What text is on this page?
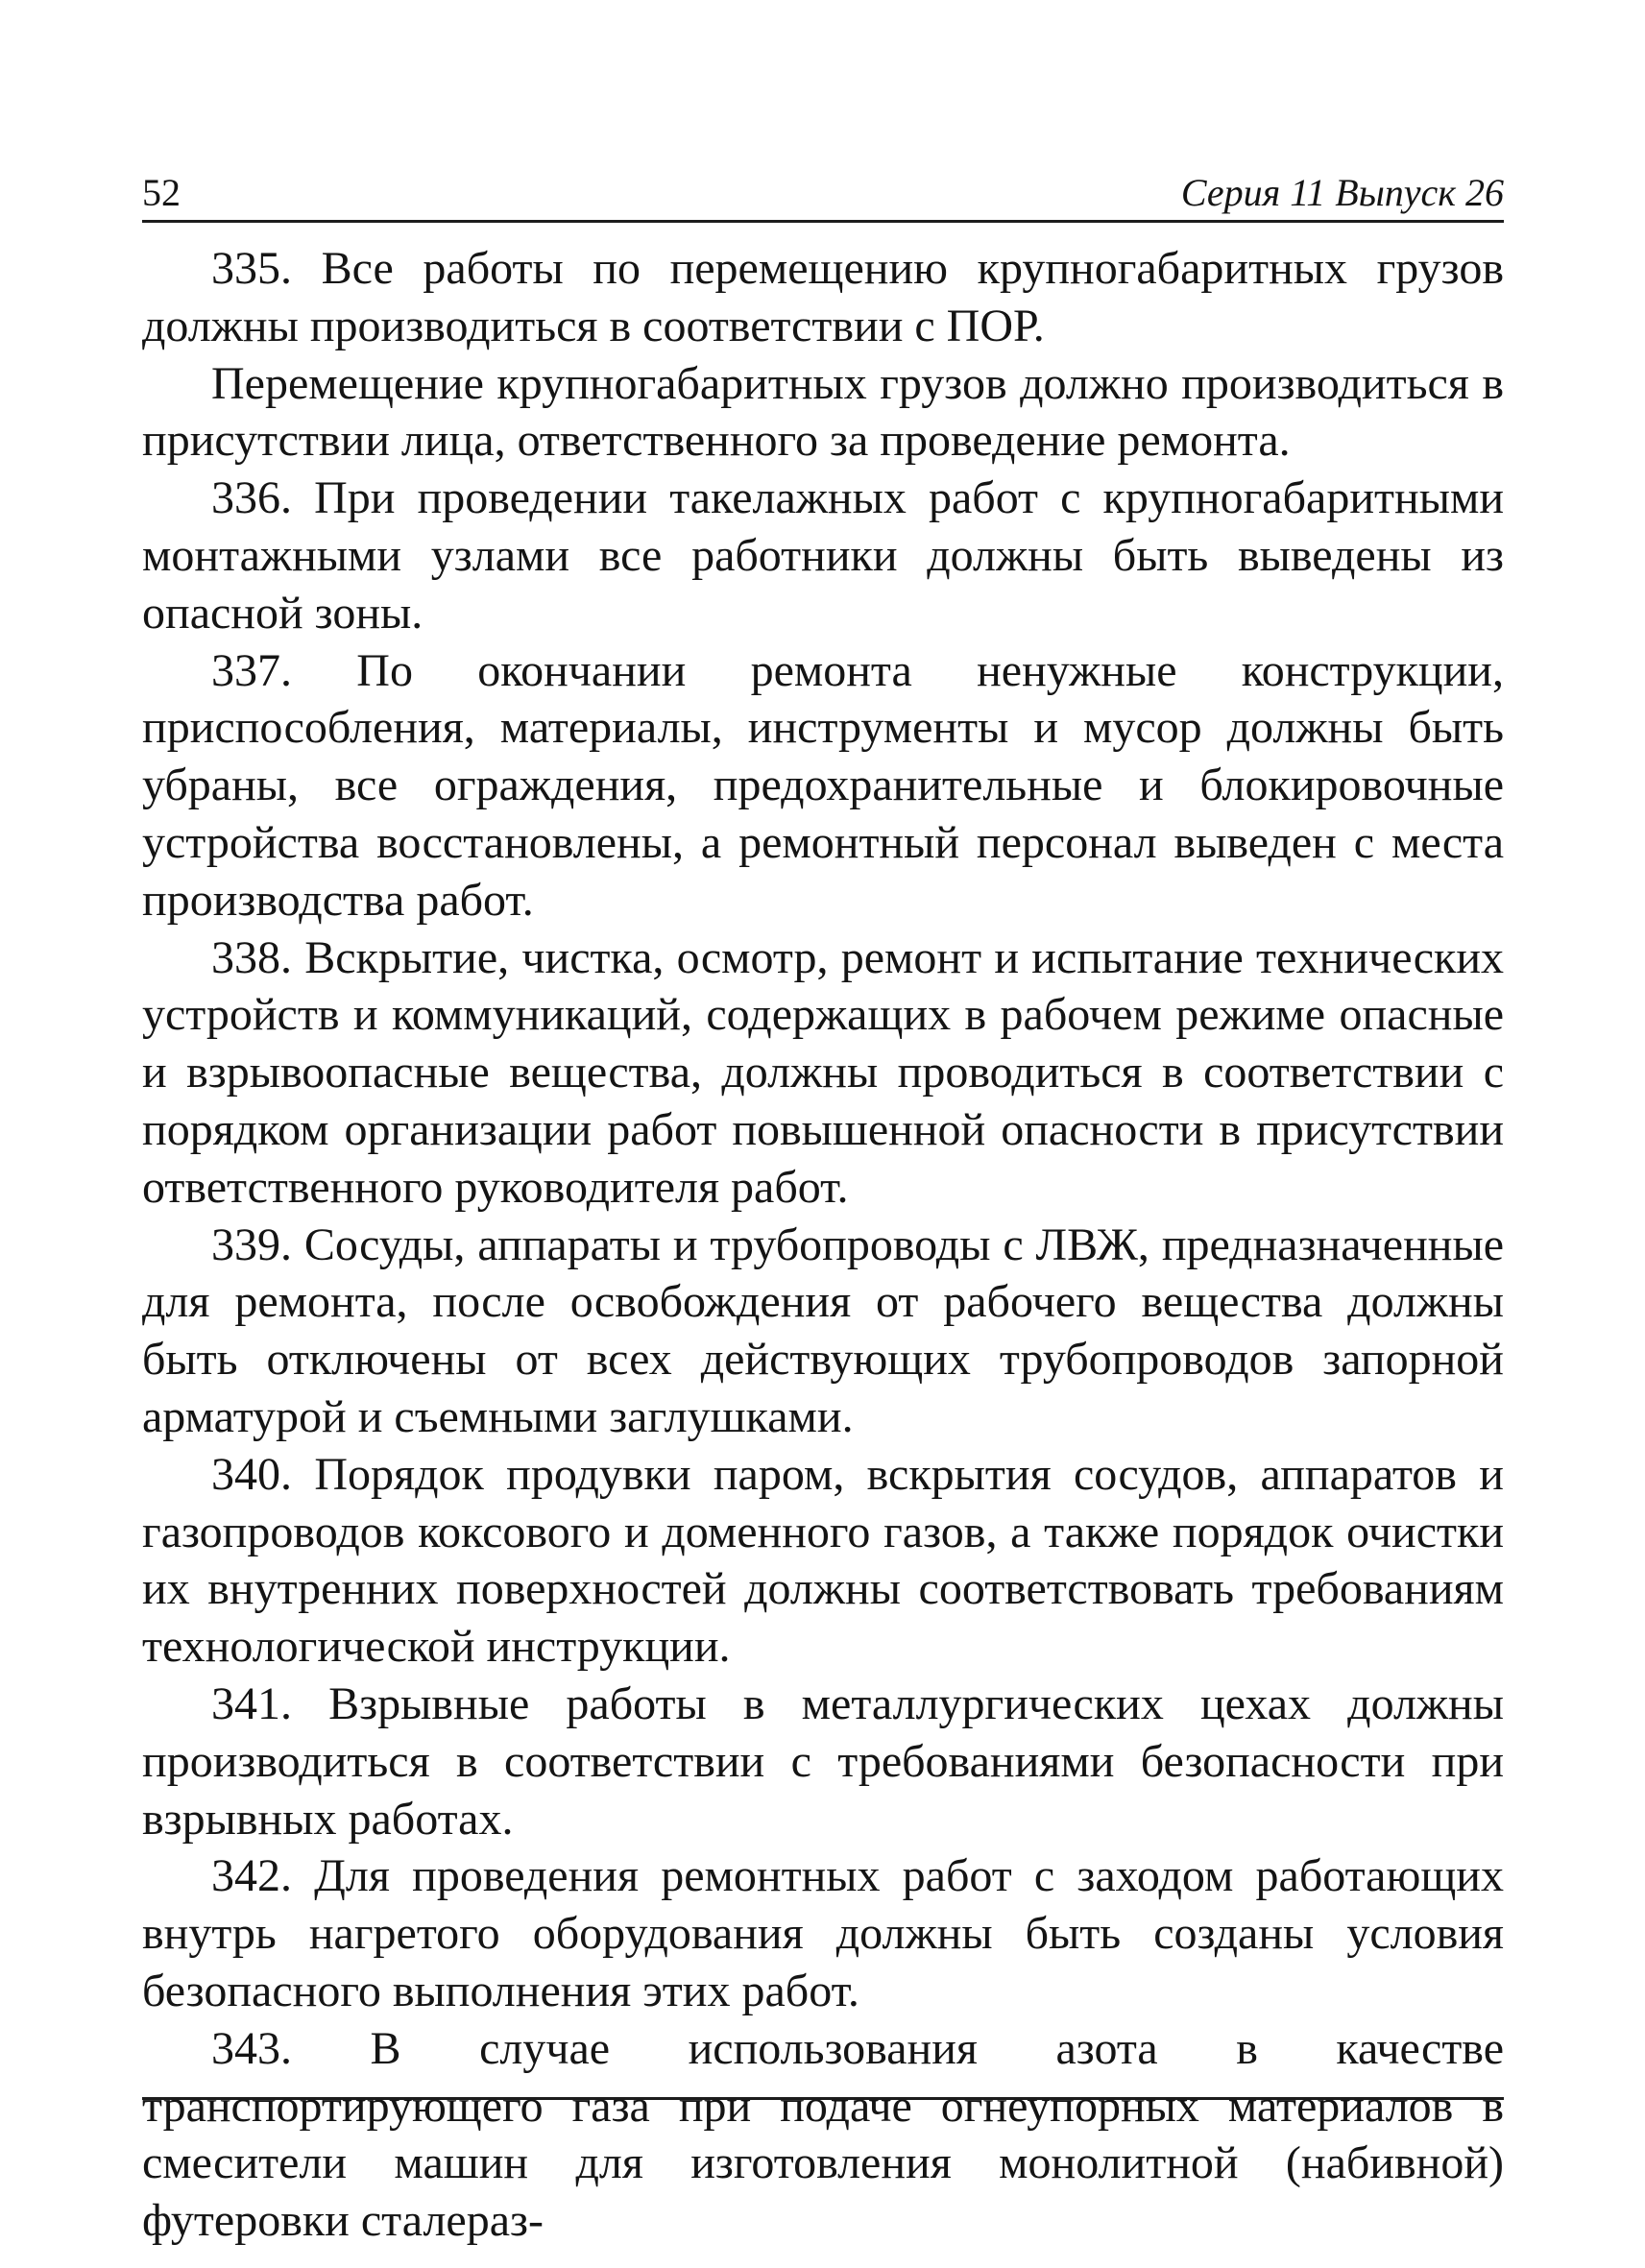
52	Серия 11 Выпуск 26

335. Все работы по перемещению крупногабаритных грузов должны производиться в соответствии с ПОР.

Перемещение крупногабаритных грузов должно производиться в присутствии лица, ответственного за проведение ремонта.

336. При проведении такелажных работ с крупногабаритными монтажными узлами все работники должны быть выведены из опасной зоны.

337. По окончании ремонта ненужные конструкции, приспособления, материалы, инструменты и мусор должны быть убраны, все ограждения, предохранительные и блокировочные устройства восстановлены, а ремонтный персонал выведен с места производства работ.

338. Вскрытие, чистка, осмотр, ремонт и испытание технических устройств и коммуникаций, содержащих в рабочем режиме опасные и взрывоопасные вещества, должны проводиться в соответствии с порядком организации работ повышенной опасности в присутствии ответственного руководителя работ.

339. Сосуды, аппараты и трубопроводы с ЛВЖ, предназначенные для ремонта, после освобождения от рабочего вещества должны быть отключены от всех действующих трубопроводов запорной арматурой и съемными заглушками.

340. Порядок продувки паром, вскрытия сосудов, аппаратов и газопроводов коксового и доменного газов, а также порядок очистки их внутренних поверхностей должны соответствовать требованиям технологической инструкции.

341. Взрывные работы в металлургических цехах должны производиться в соответствии с требованиями безопасности при взрывных работах.

342. Для проведения ремонтных работ с заходом работающих внутрь нагретого оборудования должны быть созданы условия безопасного выполнения этих работ.

343. В случае использования азота в качестве транспортирующего газа при подаче огнеупорных материалов в смесители машин для изготовления монолитной (набивной) футеровки сталераз-
